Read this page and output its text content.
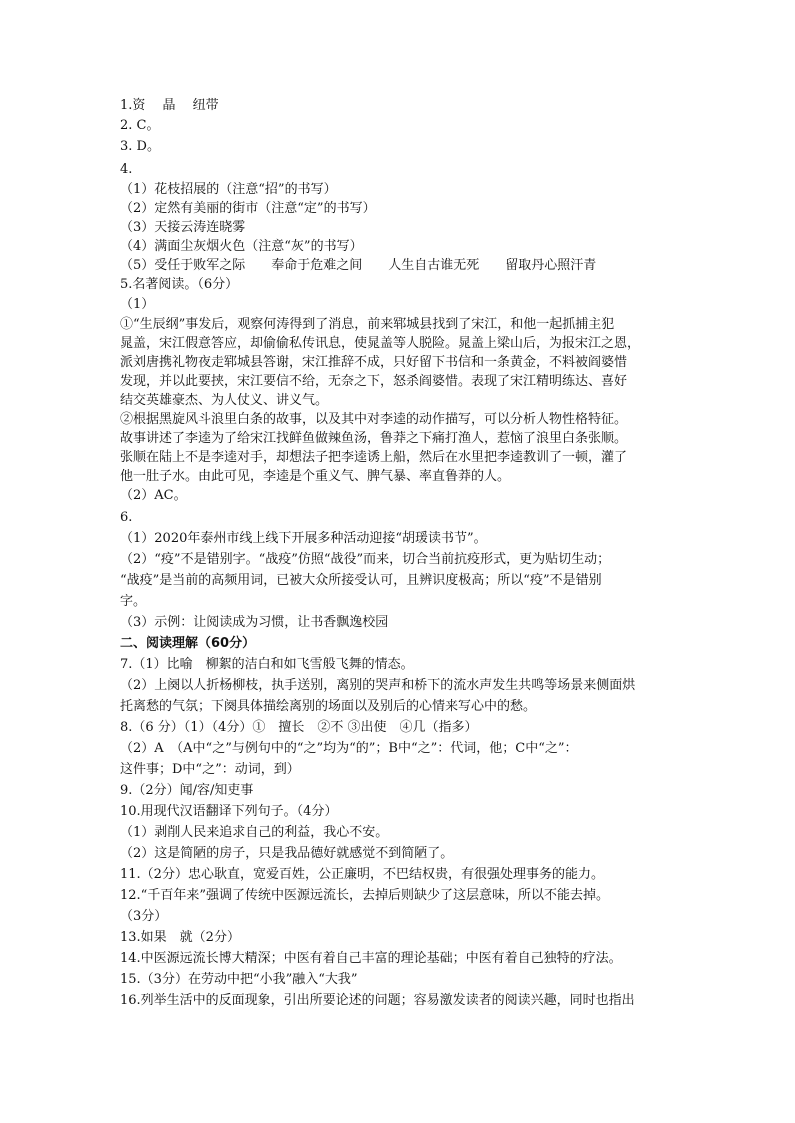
1.资　 晶　 纽带
2. C。
3. D。
4.
（1）花枝招展的（注意“招”的书写）
（2）定然有美丽的街市（注意“定”的书写）
（3）天接云涛连晓雾
（4）满面尘灰烟火色（注意“灰”的书写）
（5）受任于败军之际　　奉命于危难之间　　人生自古谁无死　　留取丹心照汗青
5.名著阅读。（6分）
（1）
①“生辰纲”事发后，观察何涛得到了消息，前来郓城县找到了宋江，和他一起抓捕主犯
晁盖，宋江假意答应，却偷偷私传讯息，使晁盖等人脱险。晁盖上梁山后，为报宋江之恩，
派刘唐携礼物夜走郓城县答谢，宋江推辞不成，只好留下书信和一条黄金，不料被阎婆惜
发现，并以此要挟，宋江要信不给，无奈之下，怒杀阎婆惜。表现了宋江精明练达、喜好
结交英雄豪杰、为人仗义、讲义气。
②根据黑旋风斗浪里白条的故事，以及其中对李逵的动作描写，可以分析人物性格特征。
故事讲述了李逵为了给宋江找鲜鱼做辣鱼汤，鲁莽之下痛打渔人，惹恼了浪里白条张顺。
张顺在陆上不是李逵对手，却想法子把李逵诱上船，然后在水里把李逵教训了一顿，灌了
他一肚子水。由此可见，李逵是个重义气、脾气暴、率直鲁莽的人。
（2）AC。
6.
（1）2020年泰州市线上线下开展多种活动迎接“胡瑗读书节”。
（2）“疫”不是错别字。“战疫”仿照“战役”而来，切合当前抗疫形式，更为贴切生动；
“战疫”是当前的高频用词，已被大众所接受认可，且辨识度极高；所以“疫”不是错别
字。
（3）示例：让阅读成为习惯，让书香飘逸校园
二、阅读理解（60分）
7.（1）比喻　柳絮的洁白和如飞雪般飞舞的情态。
（2）上阕以人折杨柳枝，执手送别，离别的哭声和桥下的流水声发生共鸣等场景来侧面烘
托离愁的气氛；下阕具体描绘离别的场面以及别后的心情来写心中的愁。
8.（6 分）（1）（4分）①　擅长　②不 ③出使　④几（指多）
（2）A　（A中“之”与例句中的“之”均为“的”；B中“之”：代词，他；C中“之”：
这件事；D中“之”：动词，到）
9.（2分）闻/容/知吏事
10.用现代汉语翻译下列句子。（4分）
（1）剥削人民来追求自己的利益，我心不安。
（2）这是简陋的房子，只是我品德好就感觉不到简陋了。
11.（2分）忠心耿直，宽爱百姓，公正廉明，不巴结权贵，有很强处理事务的能力。
12.“千百年来”强调了传统中医源远流长，去掉后则缺少了这层意味，所以不能去掉。
（3分）
13.如果　就（2分）
14.中医源远流长博大精深；中医有着自己丰富的理论基础；中医有着自己独特的疗法。
15.（3分）在劳动中把“小我”融入“大我”
16.列举生活中的反面现象，引出所要论述的问题；容易激发读者的阅读兴趣，同时也指出
